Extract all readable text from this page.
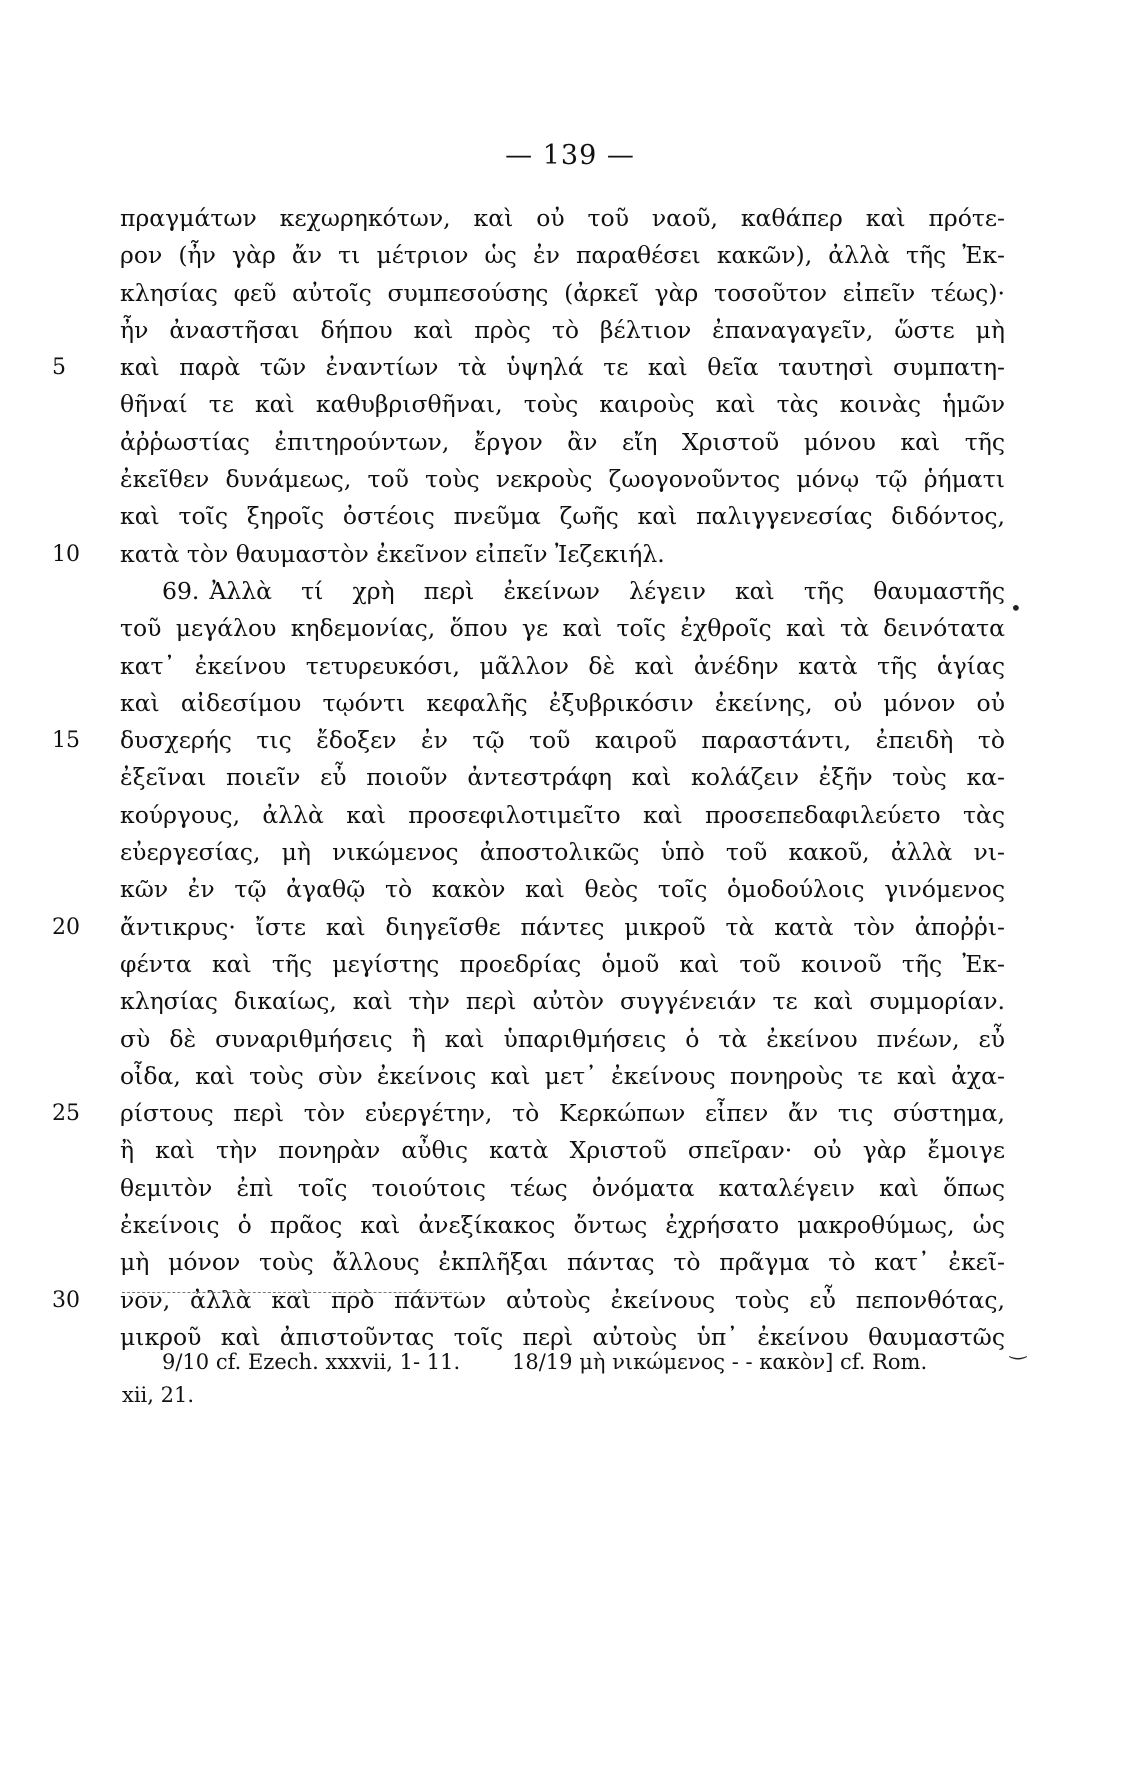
— 139 —
πραγμάτων κεχωρηκότων, καὶ οὐ τοῦ ναοῦ, καθάπερ καὶ πρότε-
ρον (ἦν γὰρ ἄν τι μέτριον ὡς ἐν παραθέσει κακῶν), ἀλλὰ τῆς Ἐκ-
κλησίας φεῦ αὐτοῖς συμπεσούσης (ἀρκεῖ γὰρ τοσοῦτον εἰπεῖν τέως)·
ἦν ἀναστῆσαι δήπου καὶ πρὸς τὸ βέλτιον ἐπαναγαγεῖν, ὥστε μὴ
5	καὶ παρὰ τῶν ἐναντίων τὰ ὑψηλά τε καὶ θεῖα ταυτησὶ συμπατη-
θῆναί τε καὶ καθυβρισθῆναι, τοὺς καιροὺς καὶ τὰς κοινὰς ἡμῶν
ἀῤῥωστίας ἐπιτηρούντων, ἔργον ἂν εἴη Χριστοῦ μόνου καὶ τῆς
ἐκεῖθεν δυνάμεως, τοῦ τοὺς νεκροὺς ζωογονοῦντος μόνῳ τῷ ῥήματι
καὶ τοῖς ξηροῖς ὀστέοις πνεῦμα ζωῆς καὶ παλιγγενεσίας διδόντος,
10	κατὰ τὸν θαυμαστὸν ἐκεῖνον εἰπεῖν Ἰεζεκιήλ.
69. Ἀλλὰ τί χρὴ περὶ ἐκείνων λέγειν καὶ τῆς θαυμαστῆς
τοῦ μεγάλου κηδεμονίας, ὅπου γε καὶ τοῖς ἐχθροῖς καὶ τὰ δεινότατα
κατ᾽ ἐκείνου τετυρευκόσι, μᾶλλον δὲ καὶ ἀνέδην κατὰ τῆς ἁγίας
καὶ αἰδεσίμου τῳόντι κεφαλῆς ἐξυβρικόσιν ἐκείνης, οὐ μόνον οὐ
15	δυσχερής τις ἔδοξεν ἐν τῷ τοῦ καιροῦ παραστάντι, ἐπειδὴ τὸ
ἐξεῖναι ποιεῖν εὖ ποιοῦν ἀντεστράφη καὶ κολάζειν ἐξῆν τοὺς κα-
κούργους, ἀλλὰ καὶ προσεφιλοτιμεῖτο καὶ προσεπεδαφιλεύετο τὰς
εὐεργεσίας, μὴ νικώμενος ἀποστολικῶς ὑπὸ τοῦ κακοῦ, ἀλλὰ νι-
κῶν ἐν τῷ ἀγαθῷ τὸ κακὸν καὶ θεὸς τοῖς ὁμοδούλοις γινόμενος
20	ἄντικρυς· ἴστε καὶ διηγεῖσθε πάντες μικροῦ τὰ κατὰ τὸν ἀποῤῥι-
φέντα καὶ τῆς μεγίστης προεδρίας ὁμοῦ καὶ τοῦ κοινοῦ τῆς Ἐκ-
κλησίας δικαίως, καὶ τὴν περὶ αὐτὸν συγγένειάν τε καὶ συμμορίαν.
σὺ δὲ συναριθμήσεις ἢ καὶ ὑπαριθμήσεις ὁ τὰ ἐκείνου πνέων, εὖ
οἶδα, καὶ τοὺς σὺν ἐκείνοις καὶ μετ᾽ ἐκείνους πονηροὺς τε καὶ ἀχα-
25	ρίστους περὶ τὸν εὐεργέτην, τὸ Κερκώπων εἶπεν ἄν τις σύστημα,
ἢ καὶ τὴν πονηρὰν αὖθις κατὰ Χριστοῦ σπεῖραν· οὐ γὰρ ἔμοιγε
θεμιτὸν ἐπὶ τοῖς τοιούτοις τέως ὀνόματα καταλέγειν καὶ ὅπως
ἐκείνοις ὁ πρᾶος καὶ ἀνεξίκακος ὄντως ἐχρήσατο μακροθύμως, ὡς
μὴ μόνον τοὺς ἄλλους ἐκπλῆξαι πάντας τὸ πρᾶγμα τὸ κατ᾽ ἐκεῖ-
30	νον, ἀλλὰ καὶ πρὸ πάντων αὐτοὺς ἐκείνους τοὺς εὖ πεπονθότας,
μικροῦ καὶ ἀπιστοῦντας τοῖς περὶ αὐτοὺς ὑπ᾽ ἐκείνου θαυμαστῶς
•
‿
9/10 cf. Ezech. xxxvii, 1- 11. 18/19 μὴ νικώμενος - - κακὸν] cf. Rom.
xii, 21.
